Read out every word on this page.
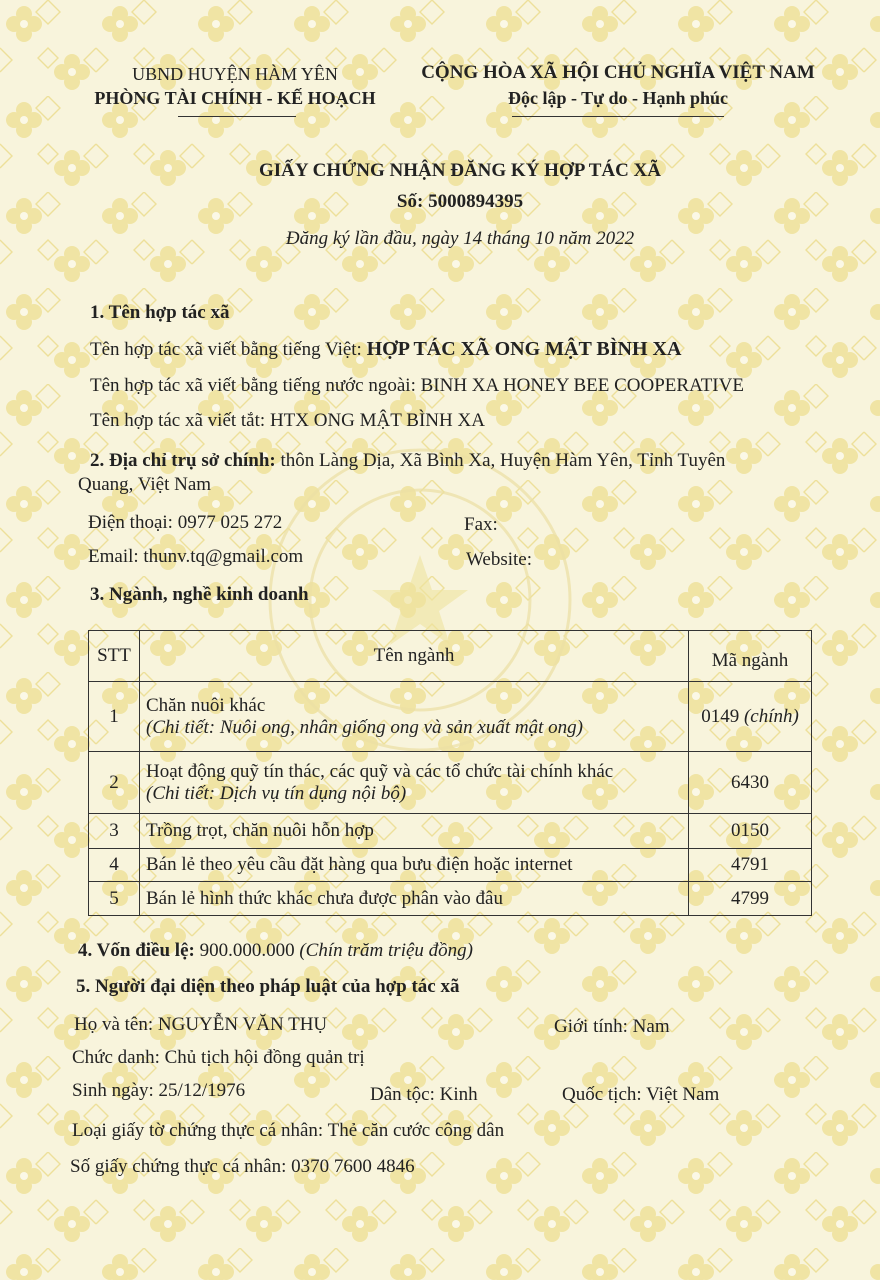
UBND HUYỆN HÀM YÊN
PHÒNG TÀI CHÍNH - KẾ HOẠCH
CỘNG HÒA XÃ HỘI CHỦ NGHĨA VIỆT NAM
Độc lập - Tự do - Hạnh phúc
GIẤY CHỨNG NHẬN ĐĂNG KÝ HỢP TÁC XÃ
Số: 5000894395
Đăng ký lần đầu, ngày 14 tháng 10 năm 2022
1. Tên hợp tác xã
Tên hợp tác xã viết bằng tiếng Việt: HỢP TÁC XÃ ONG MẬT BÌNH XA
Tên hợp tác xã viết bằng tiếng nước ngoài: BINH XA HONEY BEE COOPERATIVE
Tên hợp tác xã viết tắt: HTX ONG MẬT BÌNH XA
2. Địa chỉ trụ sở chính: thôn Làng Dịa, Xã Bình Xa, Huyện Hàm Yên, Tỉnh Tuyên
Quang, Việt Nam
Điện thoại: 0977 025 272	Fax:
Email: thunv.tq@gmail.com	Website:
3. Ngành, nghề kinh doanh
STT	Tên ngành	Mã ngành
1	Chăn nuôi khác
(Chi tiết: Nuôi ong, nhân giống ong và sản xuất mật ong)	0149 (chính)
2	Hoạt động quỹ tín thác, các quỹ và các tổ chức tài chính khác
(Chi tiết: Dịch vụ tín dụng nội bộ)	6430
3	Trồng trọt, chăn nuôi hỗn hợp	0150
4	Bán lẻ theo yêu cầu đặt hàng qua bưu điện hoặc internet	4791
5	Bán lẻ hình thức khác chưa được phân vào đâu	4799
4. Vốn điều lệ: 900.000.000 (Chín trăm triệu đồng)
5. Người đại diện theo pháp luật của hợp tác xã
Họ và tên: NGUYỄN VĂN THỤ	Giới tính: Nam
Chức danh: Chủ tịch hội đồng quản trị
Sinh ngày: 25/12/1976	Dân tộc: Kinh	Quốc tịch: Việt Nam
Loại giấy tờ chứng thực cá nhân: Thẻ căn cước công dân
Số giấy chứng thực cá nhân: 0370 7600 4846
